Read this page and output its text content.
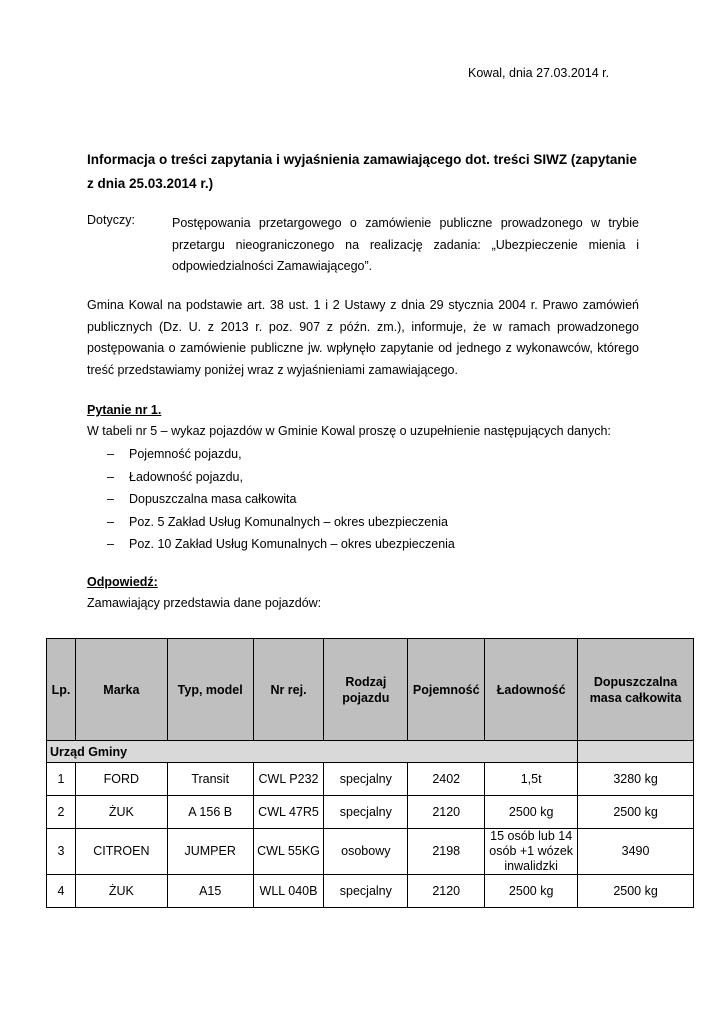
Kowal, dnia 27.03.2014 r.
Informacja o treści zapytania i wyjaśnienia zamawiającego dot. treści SIWZ (zapytanie z dnia 25.03.2014 r.)
Dotyczy:	Postępowania przetargowego o zamówienie publiczne prowadzonego w trybie
przetargu nieograniczonego na realizację zadania: „Ubezpieczenie mienia i
odpowiedzialności Zamawiającego”.
Gmina Kowal na podstawie art. 38 ust. 1 i 2 Ustawy z dnia 29 stycznia 2004 r. Prawo zamówień
publicznych (Dz. U. z 2013 r. poz. 907 z późn. zm.), informuje, że w ramach prowadzonego
postępowania o zamówienie publiczne jw. wpłynęło zapytanie od jednego z wykonawców, którego
treść przedstawiamy poniżej wraz z wyjaśnieniami zamawiającego.
Pytanie nr 1.
W tabeli nr 5 – wykaz pojazdów w Gminie Kowal proszę o uzupełnienie następujących danych:
– Pojemność pojazdu,
– Ładowność pojazdu,
– Dopuszczalna masa całkowita
– Poz. 5 Zakład Usług Komunalnych – okres ubezpieczenia
– Poz. 10 Zakład Usług Komunalnych – okres ubezpieczenia
Odpowiedź:
Zamawiający przedstawia dane pojazdów:
Lp.	Marka	Typ, model	Nr rej.	Rodzaj pojazdu	Pojemność	Ładowność	Dopuszczalna masa całkowita
Urząd Gminy							
1	FORD	Transit	CWL P232	specjalny	2402	1,5t	3280 kg
2	ŻUK	A 156 B	CWL 47R5	specjalny	2120	2500 kg	2500 kg
3	CITROEN	JUMPER	CWL 55KG	osobowy	2198	15 osób lub 14 osób +1 wózek inwalidzki	3490
4	ŻUK	A15	WLL 040B	specjalny	2120	2500 kg	2500 kg
